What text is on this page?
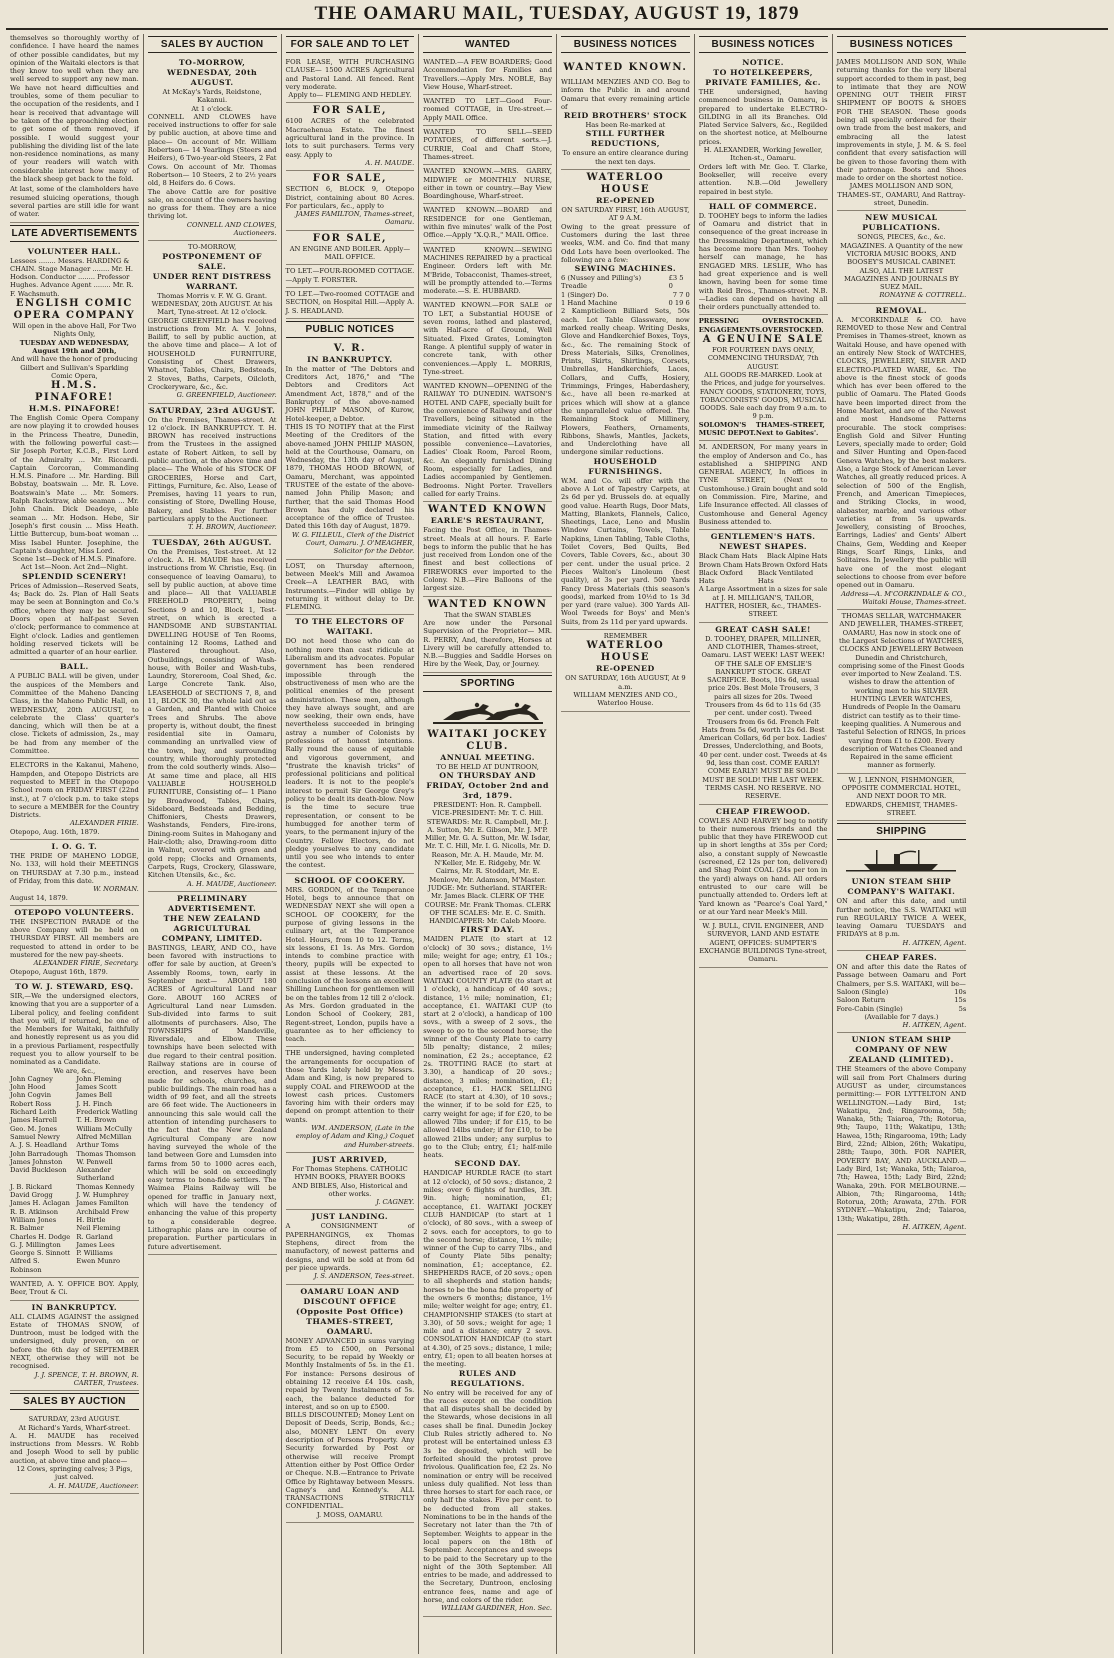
THE OAMARU MAIL, TUESDAY, AUGUST 19, 1879
themselves so thoroughly worthy of confidence. I have heard the names of other possible candidates, but my opinion of the Waitaki electors is that they know too well when they are well served to support any new man. We have not heard difficulties and troubles, some of them peculiar to the occupation of the residents, and I hear is received that advantage will be taken of the approaching election to get some of them removed, if possible. I would suggest your publishing the dividing list of the late non-residence nominations, as many of your readers will watch with considerable interest how many of the black sheep get back to the fold.
At last, some of the clamholders have resumed sluicing operations, though several parties are still idle for want of water.
LATE ADVERTISEMENTS
VOLUNTEER HALL.
Lessees ........ Messrs. HARDING & CHAIN. Stage Manager ........ Mr. H. Hodson. Conductor ........ Professor Hughes. Advance Agent ........ Mr. R. F. Wachsmuth.
ENGLISH COMIC OPERA COMPANY
Will open in the above Hall, For Two Nights Only,
TUESDAY AND WEDNESDAY, August 19th and 20th,
And will have the honor of producing Gilbert and Sullivan's Sparkling Comic Opera,
H.M.S. PINAFORE!
H.M.S. PINAFORE!
The English Comic Opera Company are now playing it to crowded houses in the Princess Theatre, Dunedin, with the following powerful cast:— Sir Joseph Porter, K.C.B., First Lord of the Admiralty ... Mr. Riccardi. Captain Corcoran, Commanding H.M.S. Pinafore ... Mr. Harding. Bill Bobstay, boatswain ... Mr. R. Love. Boatswain's Mate ... Mr. Somers. Ralph Rackstraw, able seaman ... Mr. John Chain. Dick Deadeye, able seaman ... Mr. Hodson. Hebe, Sir Joseph's first cousin ... Miss Heath. Little Buttercup, bum-boat woman ... Miss Isabel Hunter. Josephine, the Captain's daughter, Miss Lord.
Scene 1st—Deck of H.M.S. Pinafore. Act 1st—Noon. Act 2nd—Night.
SPLENDID SCENERY!
Prices of Admission—Reserved Seats, 4s; Back do. 2s. Plan of Hall Seats may be seen at Bonnington and Co.'s office, where they may be secured. Doors open at half-past Seven o'clock; performance to commence at Eight o'clock. Ladies and gentlemen holding reserved tickets will be admitted a quarter of an hour earlier.
BALL.
A PUBLIC BALL will be given, under the auspices of the Members and Committee of the Maheno Dancing Class, in the Maheno Public Hall, on WEDNESDAY, 20th AUGUST, to celebrate the Class' quarter's dancing, which will then be at a close. Tickets of admission, 2s., may be had from any member of the Committee.
ELECTORS in the Kakanui, Maheno, Hampden, and Otepopo Districts are requested to MEET in the Otepopo School room on FRIDAY FIRST (22nd inst.), at 7 o'clock p.m. to take steps to secure a MEMBER for the Country Districts.
ALEXANDER FIRIE.
Otepopo, Aug. 16th, 1879.
I. O. G. T.
THE PRIDE OF MAHENO LODGE, No. 133, will hold their MEETINGS on THURSDAY at 7.30 p.m., instead of Friday, from this date.
W. NORMAN.
August 14, 1879.
OTEPOPO VOLUNTEERS.
THE INSPECTION PARADE of the above Company will be held on THURSDAY FIRST. All members are requested to attend in order to be mustered for the new pay-sheets.
ALEXANDER FIRIE, Secretary.
Otepopo, August 16th, 1879.
TO W. J. STEWARD, ESQ.
SIR,—We the undersigned electors, knowing that you are a supporter of a Liberal policy, and feeling confident that you will, if returned, be one of the Members for Waitaki, faithfully and honestly represent us as you did in a previous Parliament, respectfully request you to allow yourself to be nominated as a Candidate.
We are, &c.,
John Cagney	John Fleming
John Hood	James Scott
John Cogvin	James Bell
Robert Ross	J. H. Finch
Richard Leith	Frederick Watling
James Harrell	T. H. Brown
Geo. M. Jones	William McCully
Samuel Newry	Alfred McMillan
A. J. S. Headland	Arthur Toms
John Barradough	Thomas Thomson
James Johnston	W. Penwell
David Buckleson	Alexander Sutherland
J. B. Rickard	Thomas Kennedy
David Grogg	J. W. Humphrey
James H. Aclagan James Familton
R. B. Atkinson	Archibald Frew
William Jones	H. Birtle
R. Balmer	Neil Fleming
Charles H. Dodge R. Garland
G. J. Millington	James Lees
George S. Sinnott P. Williams
Alfred S. Robinson
Ewen Munro
WANTED, A. Y. OFFICE BOY. Apply, Beer, Trout & Ci.
IN BANKRUPTCY.
ALL CLAIMS AGAINST the assigned Estate of THOMAS SNOW, of Duntroon, must be lodged with the undersigned, duly proven, on or before the 6th day of SEPTEMBER NEXT, otherwise they will not be recognised.
J. J. SPENCE, T. H. BROWN, R. CARTER, Trustees.
SALES BY AUCTION
SATURDAY, 23rd AUGUST.
At Richard's Yards, Wharf-street.
A. H. MAUDE has received instructions from Messrs. W. Robb and Joseph Wood to sell by public auction, at above time and place—
12 Cows, springing calves; 3 Pigs, just calved.
A. H. MAUDE, Auctioneer.
SALES BY AUCTION
TO-MORROW, WEDNESDAY, 20th AUGUST.
At McKay's Yards, Reidstone, Kakanui.
At 1 o'clock.
CONNELL AND CLOWES have received instructions to offer for sale by public auction, at above time and place— On account of Mr. William Robertson— 14 Yearlings (Steers and Heifers), 6 Two-year-old Steers, 2 Fat Cows. On account of Mr. Thomas Robertson— 10 Steers, 2 to 2½ years old, 8 Heifers do. 6 Cows.
The above Cattle are for positive sale, on account of the owners having no grass for them. They are a nice thriving lot.
CONNELL AND CLOWES, Auctioneers.
TO-MORROW,
POSTPONEMENT OF SALE.
UNDER RENT DISTRESS WARRANT.
Thomas Morris v. F. W. G. Grant. WEDNESDAY, 20th AUGUST. At his Mart, Tyne-street. At 12 o'clock.
GEORGE GREENFIELD has received instructions from Mr. A. V. Johns, Bailiff, to sell by public auction, at the above time and place— A lot of HOUSEHOLD FURNITURE, Consisting of Chest Drawers, Whatnot, Tables, Chairs, Bedsteads, 2 Stoves, Baths, Carpets, Oilcloth, Crockeryware, &c., &c.
G. GREENFIELD, Auctioneer.
SATURDAY, 23rd AUGUST.
On the Premises, Thames-street. At 12 o'clock. IN BANKRUPTCY. T. H. BROWN has received instructions from the Trustees in the assigned estate of Robert Aitken, to sell by public auction, at the above time and place— The Whole of his STOCK OF GROCERIES, Horse and Cart, Fittings, Furniture, &c. Also, Lease of Premises, having 11 years to run, consisting of Store, Dwelling House, Bakery, and Stables. For further particulars apply to the Auctioneer.
T. H. BROWN, Auctioneer.
TUESDAY, 26th AUGUST.
On the Premises, Test-street. At 12 o'clock. A. H. MAUDE has received instructions from W. Christie, Esq. (in consequence of leaving Oamaru), to sell by public auction, at above time and place— All that VALUABLE FREEHOLD PROPERTY, being Sections 9 and 10, Block 1, Test-street, on which is erected a HANDSOME AND SUBSTANTIAL DWELLING HOUSE of Ten Rooms, containing 12 Rooms, Lathed and Plastered throughout. Also, Outbuildings, consisting of Wash-house, with Boiler and Wash-tubs, Laundry, Storeroom, Coal Shed, &c. Large Concrete Tank. Also, LEASEHOLD of SECTIONS 7, 8, and 11, BLOCK 30, the whole laid out as a Garden, and Planted with Choice Trees and Shrubs. The above property is, without doubt, the finest residential site in Oamaru, commanding an unrivalled view of the town, bay, and surrounding country, while thoroughly protected from the cold southerly winds. Also— At same time and place, all HIS VALUABLE HOUSEHOLD FURNITURE, Consisting of— 1 Piano by Broadwood, Tables, Chairs, Sideboard, Bedsteads and Bedding, Chiffoniers, Chests Drawers, Washstands, Fenders, Fire-irons, Dining-room Suites in Mahogany and Hair-cloth; also, Drawing-room ditto in Walnut, covered with green and gold repp; Clocks and Ornaments, Carpets, Rugs, Crockery, Glassware, Kitchen Utensils, &c., &c.
A. H. MAUDE, Auctioneer.
PRELIMINARY ADVERTISEMENT.
THE NEW ZEALAND AGRICULTURAL COMPANY, LIMITED.
BASTINGS, LEARY, AND CO., have been favored with instructions to offer for sale by auction, at Green's Assembly Rooms, town, early in September next— ABOUT 180 ACRES of Agricultural Land near Gore. ABOUT 160 ACRES of Agricultural Land near Lumsden. Sub-divided into farms to suit allotments of purchasers. Also, The TOWNSHIPS of Mandeville, Riversdale, and Elbow. These townships have been selected with due regard to their central position. Railway stations are in course of erection, and reserves have been made for schools, churches, and public buildings. The main road has a width of 99 feet, and all the streets are 66 feet wide. The Auctioneers in announcing this sale would call the attention of intending purchasers to the fact that the New Zealand Agricultural Company are now having surveyed the whole of the land between Gore and Lumsden into farms from 50 to 1000 acres each, which will be sold on exceedingly easy terms to bona-fide settlers. The Waimea Plains Railway will be opened for traffic in January next, which will have the tendency of enhancing the value of this property to a considerable degree. Lithographic plans are in course of preparation. Further particulars in future advertisement.
FOR SALE AND TO LET
FOR LEASE, WITH PURCHASING CLAUSE— 1500 ACRES Agricultural and Pastoral Land. All fenced. Rent very moderate.
Apply to— FLEMING AND HEDLEY.
FOR SALE,
6100 ACRES of the celebrated Macraehenua Estate. The finest agricultural land in the province. In lots to suit purchasers. Terms very easy. Apply to
A. H. MAUDE.
FOR SALE,
SECTION 6, BLOCK 9, Otepopo District, containing about 80 Acres. For particulars, &c., apply to
JAMES FAMILTON, Thames-street, Oamaru.
FOR SALE,
AN ENGINE AND BOILER. Apply— MAIL OFFICE.
TO LET.—FOUR-ROOMED COTTAGE. —Apply T. FORSTER.
TO LET.—Two-roomed COTTAGE and SECTION, on Hospital Hill.—Apply A. J. S. HEADLAND.
PUBLIC NOTICES
V. R.
IN BANKRUPTCY.
In the matter of "The Debtors and Creditors Act, 1876," and "The Debtors and Creditors Act Amendment Act, 1878," and of the Bankruptcy of the above-named JOHN PHILIP MASON, of Kurow, Hotel-keeper, a Debtor.
THIS IS TO NOTIFY that at the First Meeting of the Creditors of the above-named JOHN PHILIP MASON, held at the Courthouse, Oamaru, on Wednesday, the 13th day of August, 1879, THOMAS HOOD BROWN, of Oamaru, Merchant, was appointed TRUSTEE of the estate of the above-named John Philip Mason; and further, that the said Thomas Hood Brown has duly declared his acceptance of the office of Trustee. Dated this 16th day of August, 1879.
W. G. FILLEUL, Clerk of the District Court, Oamaru. J. O'MEAGHER, Solicitor for the Debtor.
LOST, on Thursday afternoon, between Meek's Mill and Awamoa Creek—A LEATHER BAG, with Instruments.—Finder will oblige by returning it without delay to Dr. FLEMING.
TO THE ELECTORS OF WAITAKI.
DO not heed those who can do nothing more than cast ridicule at Liberalism and its advocates. Popular government has been rendered impossible through the obstructiveness of men who are the political enemies of the present administration. These men, although they have always sought, and are now seeking, their own ends, have nevertheless succeeded in bringing astray a number of Colonists by professions of honest intentions. Rally round the cause of equitable and vigorous government, and "frustrate the knavish tricks" of professional politicians and political leaders. It is not to the people's interest to permit Sir George Grey's policy to be dealt its death-blow. Now is the time to secure true representation, or consent to be humbugged for another term of years, to the permanent injury of the Country. Fellow Electors, do not pledge yourselves to any candidate until you see who intends to enter the contest.
SCHOOL OF COOKERY.
MRS. GORDON, of the Temperance Hotel, begs to announce that on WEDNESDAY NEXT she will open a SCHOOL OF COOKERY, for the purpose of giving lessons in the culinary art, at the Temperance Hotel. Hours, from 10 to 12. Terms, six lessons, £1 1s. As Mrs. Gordon intends to combine practice with theory, pupils will be expected to assist at these lessons. At the conclusion of the lessons an excellent Shilling Luncheon for gentlemen will be on the tables from 12 till 2 o'clock. As Mrs. Gordon graduated in the London School of Cookery, 281, Regent-street, London, pupils have a guarantee as to her efficiency to teach.
THE undersigned, having completed the arrangements for occupation of those Yards lately held by Messrs. Adam and King, is now prepared to supply COAL and FIREWOOD at the lowest cash prices. Customers favoring him with their orders may depend on prompt attention to their wants.
WM. ANDERSON, (Late in the employ of Adam and King,) Coquet and Humber-streets.
JUST ARRIVED,
For Thomas Stephens. CATHOLIC HYMN BOOKS, PRAYER BOOKS AND BIBLES, Also, Historical and other works.
J. CAGNEY.
JUST LANDING.
A CONSIGNMENT of PAPERHANGINGS, ex Thomas Stephens, direct from the manufactory, of newest patterns and designs, and will be sold at from 6d per piece upwards.
J. S. ANDERSON, Tees-street.
OAMARU LOAN AND DISCOUNT OFFICE (Opposite Post Office) THAMES-STREET, OAMARU.
MONEY ADVANCED in sums varying from £5 to £500, on Personal Security, to be repaid by Weekly or Monthly Instalments of 5s. in the £1. For instance: Persons desirous of obtaining 12 receive £4 10s. cash, repaid by Twenty Instalments of 5s. each, the balance deducted for interest, and so on up to £500.
BILLS DISCOUNTED; Money Lent on Deposit of Deeds, Scrip, Bonds, &c.; also, MONEY LENT On every description of Persons Property. Any Security forwarded by Post or otherwise will receive Prompt Attention either by Post Office Order or Cheque. N.B.—Entrance to Private Office by Rightaway between Messrs. Cagney's and Kennedy's. ALL TRANSACTIONS STRICTLY CONFIDENTIAL.
J. MOSS, OAMARU.
WANTED
WANTED.—A FEW BOARDERS; Good Accommodation for Families and Travellers.—Apply Mrs. NOBLE, Bay View House, Wharf-street.
WANTED TO LET—Good Four-roomed COTTAGE, in Ure-street.—Apply MAIL Office.
WANTED TO SELL—SEED POTATOES, of different sorts.—J. CURRIE, Coal and Chaff Store, Thames-street.
WANTED KNOWN.—MRS. GARRY, MIDWIFE or MONTHLY NURSE, either in town or country.—Bay View Boardinghouse, Wharf-street.
WANTED KNOWN.—BOARD and RESIDENCE for one Gentleman, within five minutes' walk of the Post Office.—Apply "X.Q.R.," MAIL Office.
WANTED KNOWN.—SEWING MACHINES REPAIRED by a practical Engineer. Orders left with Mr. M'Bride, Tobacconist, Thames-street, will be promptly attended to.—Terms moderate.—S. E. HUBBARD.
WANTED KNOWN.—FOR SALE or TO LET, a Substantial HOUSE of seven rooms, lathed and plastered, with Half-acre of Ground, Well Situated. Fixed Grates, Lomington Range. A plentiful supply of water in concrete tank, with other conveniences.—Apply L. MORRIS, Tyne-street.
WANTED KNOWN—OPENING of the RAILWAY TO DUNEDIN. WATSON'S HOTEL AND CAFE, specially built for the convenience of Railway and other Travellers, being situated in the immediate vicinity of the Railway Station, and fitted with every possible convenience—Lavatories, Ladies' Cloak Room, Parcel Room, &c. An elegantly furnished Dining Room, especially for Ladies, and Ladies accompanied by Gentlemen. Bedrooms. Night Porter. Travellers called for early Trains.
WANTED KNOWN
EARLE'S RESTAURANT,
Facing the Post Office, in Thames-street. Meals at all hours. F. Earle begs to inform the public that he has just received from London one of the finest and best collections of FIREWORKS ever imported to the Colony. N.B.—Fire Balloons of the largest size.
WANTED KNOWN
That the SWAN STABLES
Are now under the Personal Supervision of the Proprietor— MR. R. PERRY, And, therefore, Horses at Livery will be carefully attended to. N.B.—Buggies and Saddle Horses on Hire by the Week, Day, or Journey.
SPORTING
WAITAKI JOCKEY CLUB.
ANNUAL MEETING.
TO BE HELD AT DUNTROON,
ON THURSDAY AND FRIDAY, October 2nd and 3rd, 1879.
PRESIDENT: Hon. R. Campbell. VICE-PRESIDENT: Mr. T. C. Hill. STEWARDS: Mr. R. Campbell, Mr. J. A. Sutton, Mr. E. Gibson, Mr. J. M'P. Miller, Mr. G. A. Sutton, Mr. W. Isdar, Mr. T. C. Hill, Mr. I. G. Nicolls, Mr. D. Reason, Mr. A. H. Maude, Mr. M. N'Keller, Mr. E. Ridgeby, Mr. W. Cairns, Mr. R. Stoddart, Mr. E. Menlove, Mr. Adamson, M'Master. JUDGE: Mr. Sutherland. STARTER: Mr. James Black. CLERK OF THE COURSE: Mr. Frank Thomas. CLERK OF THE SCALES: Mr. E. C. Smith. HANDICAPPER: Mr. Caleb Moore.
FIRST DAY.
MAIDEN PLATE (to start at 12 o'clock) of 30 sovs.; distance, 1½ mile; weight for age; entry, £1 10s.; open to all horses that have not won an advertised race of 20 sovs. WAITAKI COUNTY PLATE (to start at 1 o'clock), a handicap of 40 sovs.; distance, 1½ mile; nomination, £1; acceptance, £1. WAITAKI CUP (to start at 2 o'clock), a handicap of 100 sovs., with a sweep of 2 sovs., the sweep to go to the second horse; the winner of the County Plate to carry 5lb penalty; distance, 2 miles; nomination, £2 2s.; acceptance, £2 2s. TROTTING RACE (to start at 3.30), a handicap of 20 sovs.; distance, 3 miles; nomination, £1; acceptance, £1. HACK SELLING RACE (to start at 4.30), of 10 sovs.; the winner, if to be sold for £25, to carry weight for age; if for £20, to be allowed 7lbs under; if for £15, to be allowed 14lbs under; if for £10, to be allowed 21lbs under; any surplus to go to the Club; entry, £1; half-mile heats.
SECOND DAY.
HANDICAP HURDLE RACE (to start at 12 o'clock), of 50 sovs.; distance, 2 miles; over 6 flights of hurdles, 3ft. 9in. high; nomination, £1; acceptance, £1. WAITAKI JOCKEY CLUB HANDICAP (to start at 1 o'clock), of 80 sovs., with a sweep of 2 sovs. each for acceptors, to go to the second horse; distance, 1¾ mile; winner of the Cup to carry 7lbs., and of County Plate 5lbs penalty; nomination, £1; acceptance, £2. SHEPHERDS RACE, of 20 sovs.; open to all shepherds and station hands; horses to be the bona fide property of the owners 6 months; distance, 1½ mile; welter weight for age; entry, £1. CHAMPIONSHIP STAKES (to start at 3.30), of 50 sovs.; weight for age; 1 mile and a distance; entry 2 sovs. CONSOLATION HANDICAP (to start at 4.30), of 25 sovs.; distance, 1 mile; entry, £1; open to all beaten horses at the meeting.
RULES AND REGULATIONS.
No entry will be received for any of the races except on the condition that all disputes shall be decided by the Stewards, whose decisions in all cases shall be final. Dunedin Jockey Club Rules strictly adhered to. No protest will be entertained unless £3 3s be deposited, which will be forfeited should the protest prove frivolous. Qualification fee, £2 2s. No nomination or entry will be received unless duly qualified. Not less than three horses to start for each race, or only half the stakes. Five per cent. to be deducted from all stakes. Nominations to be in the hands of the Secretary not later than the 7th of September. Weights to appear in the local papers on the 18th of September. Acceptances and sweeps to be paid to the Secretary up to the night of the 30th September. All entries to be made, and addressed to the Secretary, Duntroon, enclosing entrance fees, name and age of horse, and colors of the rider.
WILLIAM GARDINER, Hon. Sec.
BUSINESS NOTICES
WANTED KNOWN.
WILLIAM MENZIES AND CO. Beg to inform the Public in and around Oamaru that every remaining article of
REID BROTHERS' STOCK
Has been Re-marked at
STILL FURTHER REDUCTIONS,
To ensure an entire clearance during the next ten days.
WATERLOO HOUSE
RE-OPENED
ON SATURDAY FIRST, 16th AUGUST, AT 9 A.M.
Owing to the great pressure of Customers during the last three weeks, W.M. and Co. find that many Odd Lots have been overlooked. The following are a few:
SEWING MACHINES.
6 (Nussey and Pilling's) Treadle
£3 5 0
1 (Singer) Do.	7 7 0
1 Hand Machine	0 19 6
2 Kampticlieon Billiard Sets, 50s each. Lot Table Glassware, now marked really cheap. Writing Desks, Glove and Handkerchief Boxes, Toys, &c., &c. The remaining Stock of Dress Materials, Silks, Crenolines, Prints, Skirts, Shirtings, Corsets, Umbrellas, Handkerchiefs, Laces, Collars, and Cuffs, Hosiery, Trimmings, Fringes, Haberdashery, &c., have all been re-marked at prices which will show at a glance the unparalleled value offered. The Remaining Stock of Millinery, Flowers, Feathers, Ornaments, Ribbons, Shawls, Mantles, Jackets, and Underclothing have all undergone similar reductions.
HOUSEHOLD FURNISHINGS.
W.M. and Co. will offer with the above A Lot of Tapestry Carpets, at 2s 6d per yd. Brussels do. at equally good value. Hearth Rugs, Door Mats, Matting, Blankets, Flannels, Calico, Sheetings, Lace, Leno and Muslin Window Curtains, Towels, Table Napkins, Linen Tabling, Table Cloths, Toilet Covers, Bed Quilts, Bed Covers, Table Covers, &c., about 30 per cent. under the usual price. 2 Pieces Walton's Linoleum (best quality), at 3s per yard. 500 Yards Fancy Dress Materials (this season's goods), marked from 10½d to 1s 3d per yard (rare value). 300 Yards All-Wool Tweeds for Boys' and Men's Suits, from 2s 11d per yard upwards.
REMEMBER
WATERLOO HOUSE
RE-OPENED
ON SATURDAY, 16th AUGUST, At 9 a.m.
WILLIAM MENZIES AND CO., Waterloo House.
BUSINESS NOTICES
NOTICE.
TO HOTELKEEPERS, PRIVATE FAMILIES, &c.
THE undersigned, having commenced business in Oamaru, is prepared to undertake ELECTRO-GILDING in all its Branches. Old Plated Service Salvers, &c., Regilded on the shortest notice, at Melbourne prices.
H. ALEXANDER, Working Jeweller, Itchen-st., Oamaru.
Orders left with Mr. Geo. T. Clarke, Bookseller, will receive every attention. N.B.—Old Jewellery repaired in best style.
HALL OF COMMERCE.
D. TOOHEY begs to inform the ladies of Oamaru and district that in consequence of the great increase in the Dressmaking Department, which has become more than Mrs. Toohey herself can manage, he has ENGAGED MRS. LESLIE, Who has had great experience and is well known, having been for some time with Reid Bros., Thames-street. N.B.—Ladies can depend on having all their orders punctually attended to.
PRESSING ENGAGEMENTS.
OVERSTOCKED. OVERSTOCKED.
A GENUINE SALE
FOR FOURTEEN DAYS ONLY, COMMENCING THURSDAY, 7th AUGUST.
ALL GOODS RE-MARKED. Look at the Prices, and judge for yourselves. FANCY GOODS, STATIONERY, TOYS, TOBACCONISTS' GOODS, MUSICAL GOODS. Sale each day from 9 a.m. to 9 p.m.
SOLOMON'S MUSIC DEPOT.
THAMES-STREET, Next to Gabites'.
M. ANDERSON, For many years in the employ of Anderson and Co., has established a SHIPPING AND GENERAL AGENCY, In offices in TYNE STREET, (Next to Customhouse.) Grain bought and sold on Commission. Fire, Marine, and Life Insurance effected. All classes of Customhouse and General Agency Business attended to.
GENTLEMEN'S HATS.
NEWEST SHAPES.
Black Cham Hats Black Alpine Hats
Brown Cham Hats Brown Oxford Hats
Black Oxford Hats
Black Ventilated Hats
A Large Assortment in a sizes for sale at J. H. MILLIGAN'S, TAILOR, HATTER, HOSIER, &c., THAMES-STREET.
GREAT CASH SALE!
D. TOOHEY, DRAPER, MILLINER, AND CLOTHIER, Thames-street, Oamaru. LAST WEEK! LAST WEEK! OF THE SALE OF EMSLIE'S BANKRUPT STOCK. GREAT SACRIFICE. Boots, 10s 6d, usual price 20s. Best Mole Trousers, 3 pairs all sizes for 20s. Tweed Trousers from 4s 6d to 11s 6d (35 per cent. under cost). Tweed Trousers from 6s 6d. French Felt Hats from 5s 6d, worth 12s 6d. Best American Collars, 6d per box. Ladies' Dresses, Underclothing, and Boots, 40 per cent. under cost. Tweeds at 4s 9d, less than cost. COME EARLY! COME EARLY! MUST BE SOLD! MUST BE SOLD! THE LAST WEEK. TERMS CASH. NO RESERVE. NO RESERVE.
CHEAP FIREWOOD.
COWLES AND HARVEY beg to notify to their numerous friends and the public that they have FIREWOOD cut up in short lengths at 35s per Cord; also, a constant supply of Newcastle (screened, £2 12s per ton, delivered) and Shag Point COAL (24s per ton in the yard) always on hand. All orders entrusted to our care will be punctually attended to. Orders left at Yard known as "Pearce's Coal Yard," or at our Yard near Meek's Mill.
W. J. BULL, CIVIL ENGINEER, AND SURVEYOR, LAND AND ESTATE AGENT, OFFICES: SUMPTER'S EXCHANGE BUILDINGS Tyne-street, Oamaru.
BUSINESS NOTICES
JAMES MOLLISON AND SON, While returning thanks for the very liberal support accorded to them in past, beg to intimate that they are NOW OPENING OUT THEIR FIRST SHIPMENT OF BOOTS & SHOES FOR THE SEASON. These goods being all specially ordered for their own trade from the best makers, and embracing all the latest improvements in style, J. M. & S. feel confident that every satisfaction will be given to those favoring them with their patronage. Boots and Shoes made to order on the shortest notice.
JAMES MOLLISON AND SON, THAMES-ST., OAMARU, And Rattray-street, Dunedin.
NEW MUSICAL PUBLICATIONS.
SONGS, PIECES, &c., &c. MAGAZINES. A Quantity of the new VICTORIA MUSIC BOOKS, AND BOOSEY'S MUSICAL CABINET. ALSO, ALL THE LATEST MAGAZINES AND JOURNALS BY SUEZ MAIL.
RONAYNE & COTTRELL.
REMOVAL.
A. M'CORKINDALE & CO. have REMOVED to those New and Central Premises in Thames-street, known as Waitaki House, and have opened with an entirely New Stock of WATCHES, CLOCKS, JEWELLERY, SILVER AND ELECTRO-PLATED WARE, &c. The above is the finest stock of goods which has ever been offered to the public of Oamaru. The Plated Goods have been imported direct from the Home Market, and are of the Newest and most Handsome Patterns procurable. The stock comprises: English Gold and Silver Hunting Levers, specially made to order; Gold and Silver Hunting and Open-faced Geneva Watches, by the best makers. Also, a large Stock of American Lever Watches, all greatly reduced prices. A selection of 500 of the English, French, and American Timepieces, and Striking Clocks, in wood, alabaster, marble, and various other varieties at from 5s upwards. Jewellery, consisting of Brooches, Earrings, Ladies' and Gents' Albert Chains, Gem, Wedding and Keeper Rings, Scarf Rings, Links, and Solitaires. In Jewellery the public will have one of the most elegant selections to choose from ever before opened out in Oamaru.
Address—A. M'CORKINDALE & CO., Waitaki House, Thames-street.
THOMAS SELLAR, WATCHMAKER AND JEWELLER, THAMES-STREET, OAMARU, Has now in stock one of the Largest Selections of WATCHES, CLOCKS AND JEWELLERY Between Dunedin and Christchurch, comprising some of the Finest Goods ever imported to New Zealand. T.S. wishes to draw the attention of working men to his SILVER HUNTING LEVER WATCHES, Hundreds of People In the Oamaru district can testify as to their time-keeping qualities. A Numerous and Tasteful Selection of RINGS, In prices varying from £1 to £200. Every description of Watches Cleaned and Repaired in the same efficient manner as formerly.
W. J. LENNON, FISHMONGER, OPPOSITE COMMERCIAL HOTEL, AND NEXT DOOR TO MR. EDWARDS, CHEMIST, THAMES-STREET.
SHIPPING
UNION STEAM SHIP COMPANY'S WAITAKI.
ON and after this date, and until further notice, the S.S. WAITAKI will run REGULARLY TWICE A WEEK, leaving Oamaru TUESDAYS and FRIDAYS at 8 p.m.
H. AITKEN, Agent.
CHEAP FARES.
ON and after this date the Rates of Passage between Oamaru and Port Chalmers, per S.S. WAITAKI, will be—
Saloon (Single)	10s
Saloon Return	15s
Fore-Cabin (Single)	5s
(Available for 7 days.)
H. AITKEN, Agent.
UNION STEAM SHIP COMPANY OF NEW ZEALAND (LIMITED).
THE Steamers of the above Company will sail from Port Chalmers during AUGUST as under, circumstances permitting:— FOR LYTTELTON AND WELLINGTON.—Lady Bird, 1st; Wakatipu, 2nd; Ringarooma, 5th; Wanaka, 5th; Taiaroa, 7th; Rotorua, 9th; Taupo, 11th; Wakatipu, 13th; Hawea, 15th; Ringarooma, 19th; Lady Bird, 22nd; Albion, 26th; Wakatipu, 28th; Taupo, 30th. FOR NAPIER, POVERTY BAY, AND AUCKLAND.—Lady Bird, 1st; Wanaka, 5th; Taiaroa, 7th; Hawea, 15th; Lady Bird, 22nd; Wanaka, 29th. FOR MELBOURNE.—Albion, 7th; Ringarooma, 14th; Rotorua, 20th; Arawata, 27th. FOR SYDNEY.—Wakatipu, 2nd; Taiaroa, 13th; Wakatipu, 28th.
H. AITKEN, Agent.
